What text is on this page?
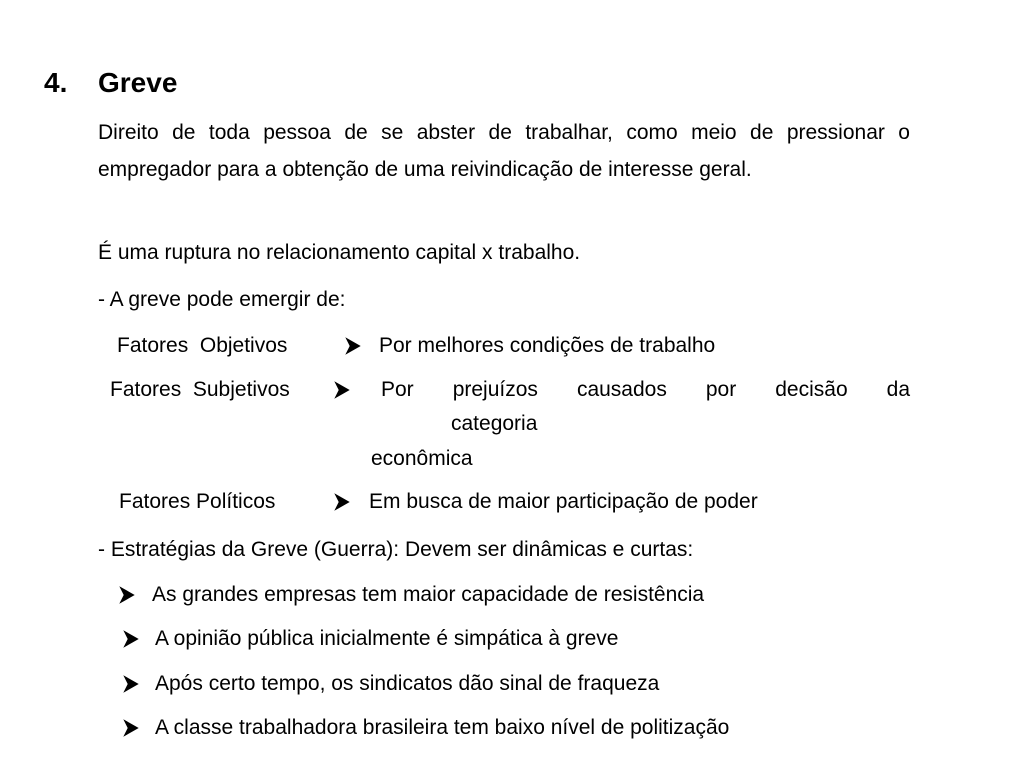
4. Greve
Direito de toda pessoa de se abster de trabalhar, como meio de pressionar o empregador para a obtenção de uma reivindicação de interesse geral.
É uma ruptura no relacionamento capital x trabalho.
- A greve pode emergir de:
Fatores  Objetivos	Por melhores condições de trabalho
Fatores  Subjetivos	Por prejuízos causados por decisão da
categoria
econômica
Fatores Políticos	Em busca de maior participação de poder
- Estratégias da Greve (Guerra): Devem ser dinâmicas e curtas:
As grandes empresas tem maior capacidade de resistência
A opinião pública inicialmente é simpática à greve
Após certo tempo, os sindicatos dão sinal de fraqueza
A classe trabalhadora brasileira tem baixo nível de politização
